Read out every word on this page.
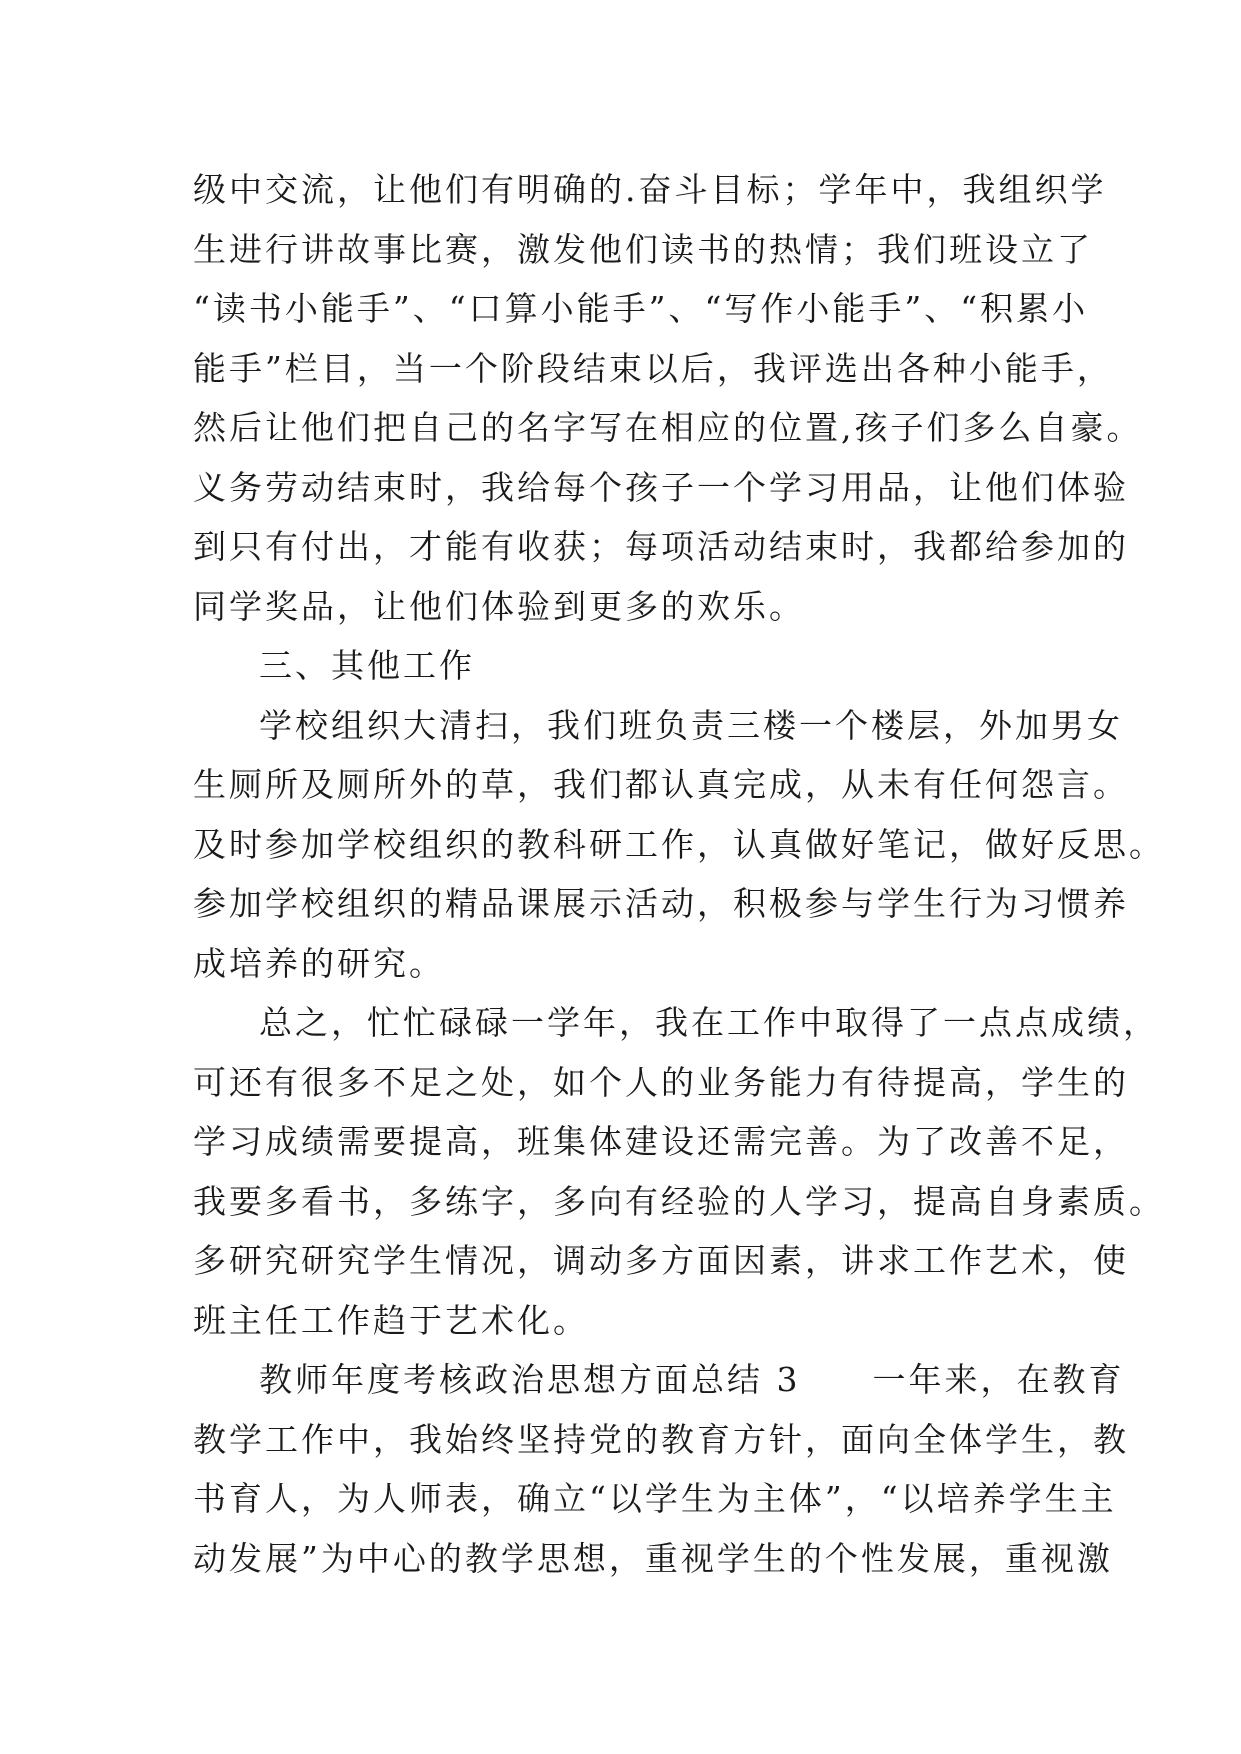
级中交流，让他们有明确的.奋斗目标；学年中，我组织学
生进行讲故事比赛，激发他们读书的热情；我们班设立了
“读书小能手”、“口算小能手”、“写作小能手”、“积累小
能手”栏目，当一个阶段结束以后，我评选出各种小能手，
然后让他们把自己的名字写在相应的位置,孩子们多么自豪。
义务劳动结束时，我给每个孩子一个学习用品，让他们体验
到只有付出，才能有收获；每项活动结束时，我都给参加的
同学奖品，让他们体验到更多的欢乐。
三、其他工作
学校组织大清扫，我们班负责三楼一个楼层，外加男女
生厕所及厕所外的草，我们都认真完成，从未有任何怨言。
及时参加学校组织的教科研工作，认真做好笔记，做好反思。
参加学校组织的精品课展示活动，积极参与学生行为习惯养
成培养的研究。
总之，忙忙碌碌一学年，我在工作中取得了一点点成绩，
可还有很多不足之处，如个人的业务能力有待提高，学生的
学习成绩需要提高，班集体建设还需完善。为了改善不足，
我要多看书，多练字，多向有经验的人学习，提高自身素质。
多研究研究学生情况，调动多方面因素，讲求工作艺术，使
班主任工作趋于艺术化。
教师年度考核政治思想方面总结 3　　一年来，在教育
教学工作中，我始终坚持党的教育方针，面向全体学生，教
书育人，为人师表，确立“以学生为主体”，“以培养学生主
动发展”为中心的教学思想，重视学生的个性发展，重视激
